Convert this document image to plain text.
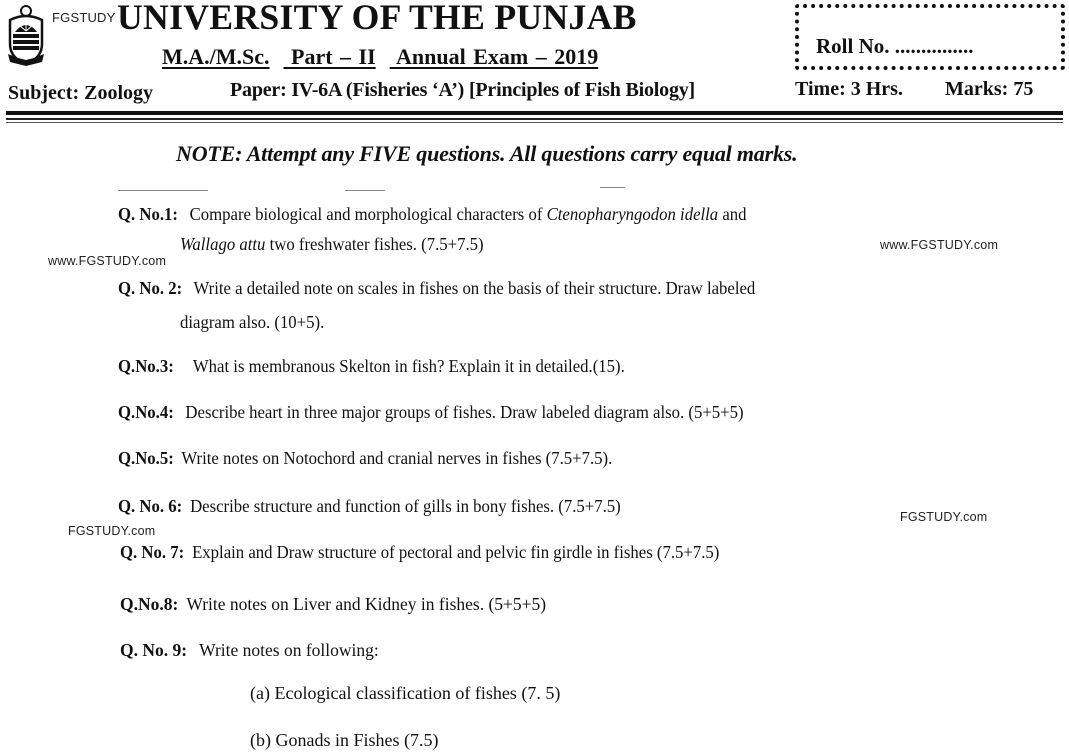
FGSTUDY UNIVERSITY OF THE PUNJAB
M.A./M.Sc. Part – II Annual Exam – 2019	Roll No. ...............
Subject: Zoology	Paper: IV-6A (Fisheries ‘A’) [Principles of Fish Biology]	Time: 3 Hrs. Marks: 75
NOTE: Attempt any FIVE questions. All questions carry equal marks.
Q. No.1: Compare biological and morphological characters of Ctenopharyngodon idella and
Wallago attu two freshwater fishes. (7.5+7.5)
www.FGSTUDY.com
www.FGSTUDY.com
Q. No. 2: Write a detailed note on scales in fishes on the basis of their structure. Draw labeled
diagram also. (10+5).
Q.No.3: What is membranous Skelton in fish? Explain it in detailed.(15).
Q.No.4: Describe heart in three major groups of fishes. Draw labeled diagram also. (5+5+5)
Q.No.5: Write notes on Notochord and cranial nerves in fishes (7.5+7.5).
Q. No. 6: Describe structure and function of gills in bony fishes. (7.5+7.5)
FGSTUDY.com
FGSTUDY.com
Q. No. 7: Explain and Draw structure of pectoral and pelvic fin girdle in fishes (7.5+7.5)
Q.No.8: Write notes on Liver and Kidney in fishes. (5+5+5)
Q. No. 9: Write notes on following:
(a) Ecological classification of fishes (7. 5)
(b) Gonads in Fishes (7.5)
